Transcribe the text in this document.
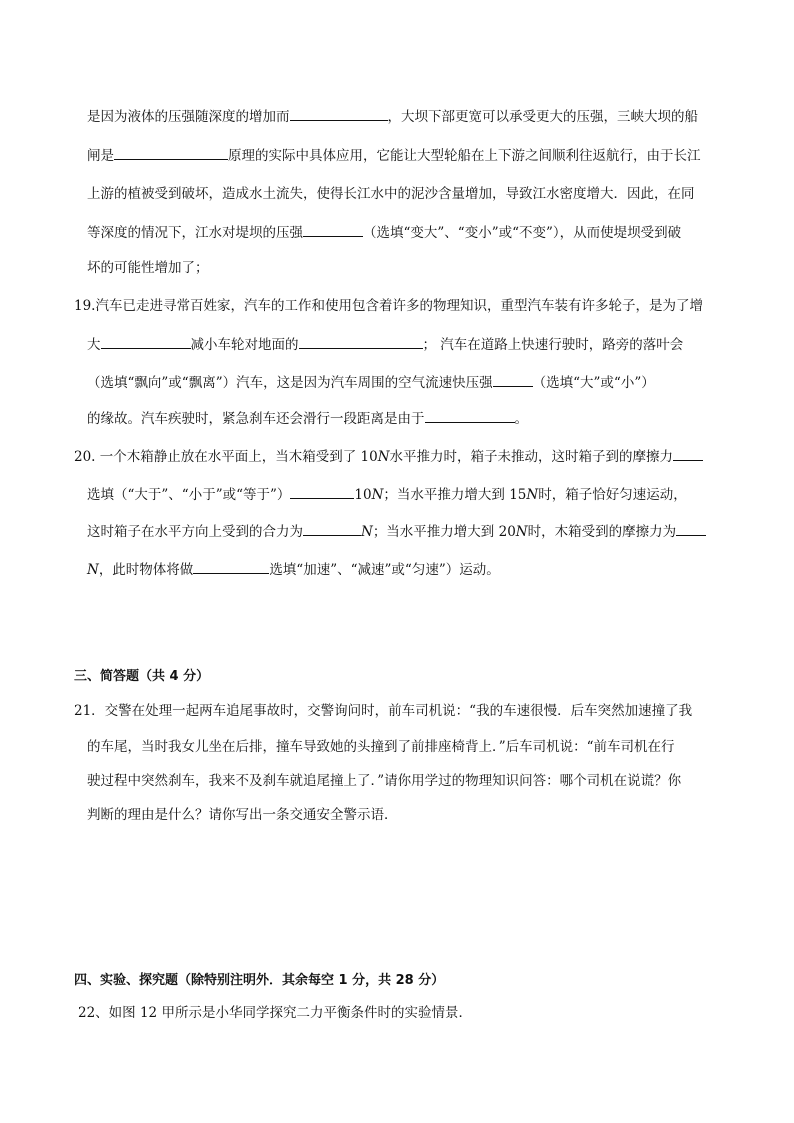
是因为液体的压强随深度的增加而	，大坝下部更宽可以承受更大的压强，三峡大坝的船
闸是	原理的实际中具体应用，它能让大型轮船在上下游之间顺利往返航行，由于长江
上游的植被受到破坏，造成水土流失，使得长江水中的泥沙含量增加，导致江水密度增大．因此，在同
等深度的情况下，江水对堤坝的压强	（选填“变大”、“变小”或“不变”），从而使堤坝受到破
坏的可能性增加了；
19.汽车已走进寻常百姓家，汽车的工作和使用包含着许多的物理知识，重型汽车装有许多轮子，是为了增
大	减小车轮对地面的	； 汽车在道路上快速行驶时，路旁的落叶会
（选填“飘向”或“飘离”）汽车，这是因为汽车周围的空气流速快压强	（选填“大”或“小”）
的缘故。汽车疾驶时，紧急刹车还会滑行一段距离是由于	。
20. 一个木箱静止放在水平面上，当木箱受到了 10N水平推力时，箱子未推动，这时箱子到的摩擦力
选填（“大于”、“小于”或“等于”）	10N；当水平推力增大到 15N时，箱子恰好匀速运动，
这时箱子在水平方向上受到的合力为	N；当水平推力增大到 20N时，木箱受到的摩擦力为
N，此时物体将做	选填“加速”、“减速”或“匀速”）运动。
三、简答题（共 4 分）
21．交警在处理一起两车追尾事故时，交警询问时，前车司机说：“我的车速很慢．后车突然加速撞了我
的车尾，当时我女儿坐在后排，撞车导致她的头撞到了前排座椅背上．”后车司机说：“前车司机在行
驶过程中突然刹车，我来不及刹车就追尾撞上了．”请你用学过的物理知识问答：哪个司机在说谎？你
判断的理由是什么？请你写出一条交通安全警示语．
四、实验、探究题（除特别注明外．其余每空 1 分，共 28 分）
22、如图 12 甲所示是小华同学探究二力平衡条件时的实验情景．
